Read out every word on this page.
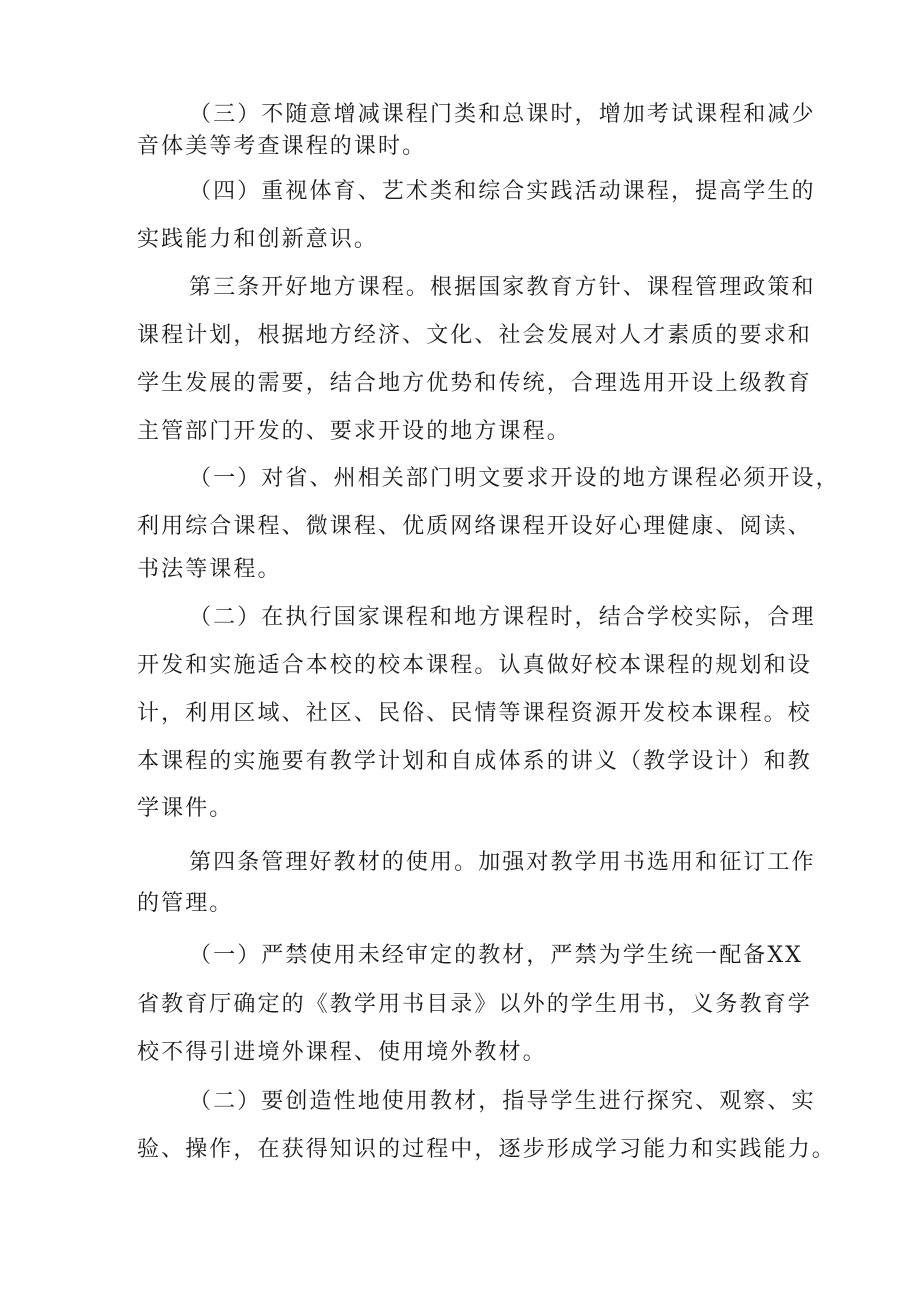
（三）不随意增减课程门类和总课时，增加考试课程和减少
音体美等考查课程的课时。
（四）重视体育、艺术类和综合实践活动课程，提高学生的
实践能力和创新意识。
第三条开好地方课程。根据国家教育方针、课程管理政策和
课程计划，根据地方经济、文化、社会发展对人才素质的要求和
学生发展的需要，结合地方优势和传统，合理选用开设上级教育
主管部门开发的、要求开设的地方课程。
（一）对省、州相关部门明文要求开设的地方课程必须开设，
利用综合课程、微课程、优质网络课程开设好心理健康、阅读、
书法等课程。
（二）在执行国家课程和地方课程时，结合学校实际，合理
开发和实施适合本校的校本课程。认真做好校本课程的规划和设
计，利用区域、社区、民俗、民情等课程资源开发校本课程。校
本课程的实施要有教学计划和自成体系的讲义（教学设计）和教
学课件。
第四条管理好教材的使用。加强对教学用书选用和征订工作
的管理。
（一）严禁使用未经审定的教材，严禁为学生统一配备XX
省教育厅确定的《教学用书目录》以外的学生用书，义务教育学
校不得引进境外课程、使用境外教材。
（二）要创造性地使用教材，指导学生进行探究、观察、实
验、操作，在获得知识的过程中，逐步形成学习能力和实践能力。
